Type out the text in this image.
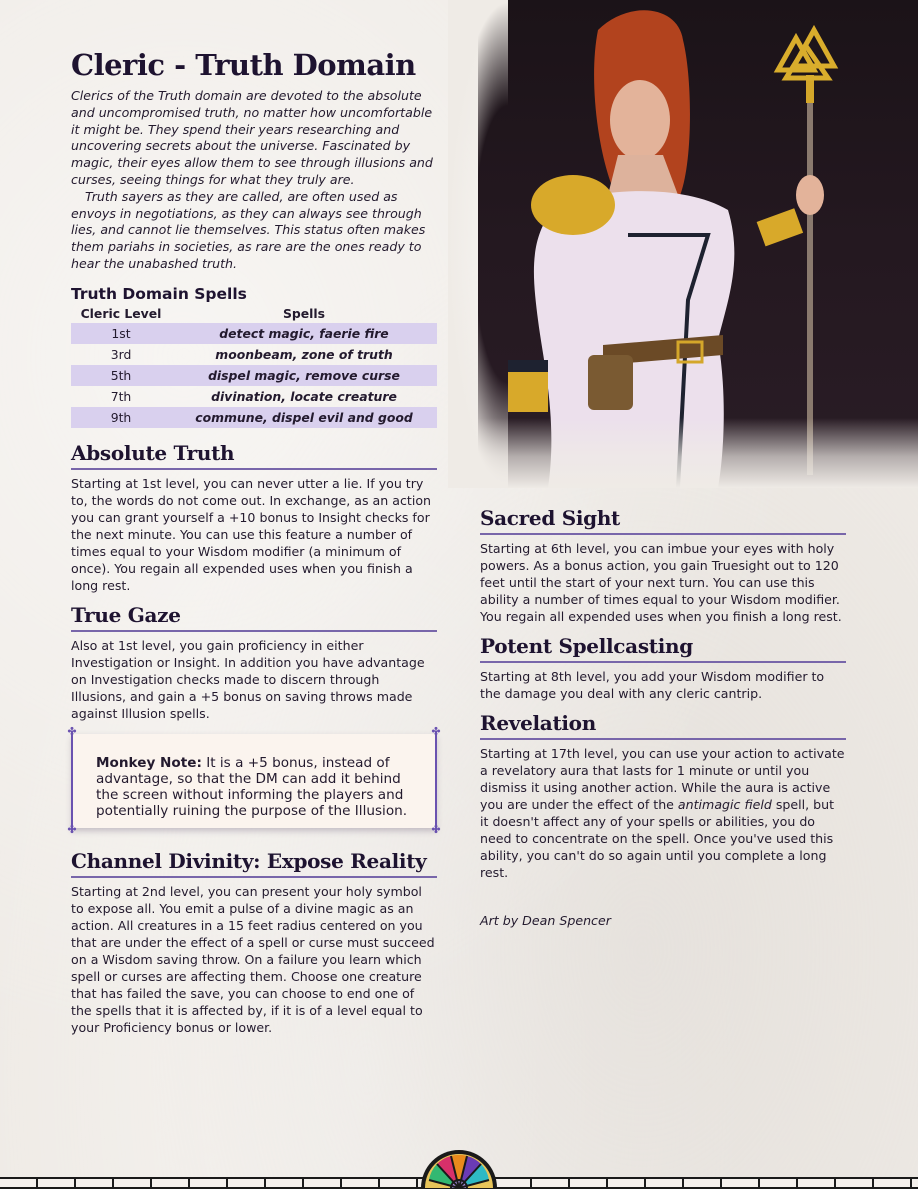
Cleric - Truth Domain

Clerics of the Truth domain are devoted to the absolute and uncompromised truth, no matter how uncomfortable it might be. They spend their years researching and uncovering secrets about the universe. Fascinated by magic, their eyes allow them to see through illusions and curses, seeing things for what they truly are.

Truth sayers as they are called, are often used as envoys in negotiations, as they can always see through lies, and cannot lie themselves. This status often makes them pariahs in societies, as rare are the ones ready to hear the unabashed truth.

Truth Domain Spells
Cleric Level	Spells
1st	detect magic, faerie fire
3rd	moonbeam, zone of truth
5th	dispel magic, remove curse
7th	divination, locate creature
9th	commune, dispel evil and good
Absolute Truth

Starting at 1st level, you can never utter a lie. If you try to, the words do not come out. In exchange, as an action you can grant yourself a +10 bonus to Insight checks for the next minute. You can use this feature a number of times equal to your Wisdom modifier (a minimum of once). You regain all expended uses when you finish a long rest.

True Gaze

Also at 1st level, you gain proficiency in either Investigation or Insight. In addition you have advantage on Investigation checks made to discern through Illusions, and gain a +5 bonus on saving throws made against Illusion spells.

Monkey Note: It is a +5 bonus, instead of advantage, so that the DM can add it behind the screen without informing the players and potentially ruining the purpose of the Illusion.
✤
✤
✤
✤
Channel Divinity: Expose Reality

Starting at 2nd level, you can present your holy symbol to expose all. You emit a pulse of a divine magic as an action. All creatures in a 15 feet radius centered on you that are under the effect of a spell or curse must succeed on a Wisdom saving throw. On a failure you learn which spell or curses are affecting them. Choose one creature that has failed the save, you can choose to end one of the spells that it is affected by, if it is of a level equal to your Proficiency bonus or lower.

Sacred Sight

Starting at 6th level, you can imbue your eyes with holy powers. As a bonus action, you gain Truesight out to 120 feet until the start of your next turn. You can use this ability a number of times equal to your Wisdom modifier. You regain all expended uses when you finish a long rest.

Potent Spellcasting

Starting at 8th level, you add your Wisdom modifier to the damage you deal with any cleric cantrip.

Revelation

Starting at 17th level, you can use your action to activate a revelatory aura that lasts for 1 minute or until you dismiss it using another action. While the aura is active you are under the effect of the antimagic field spell, but it doesn't affect any of your spells or abilities, you do need to concentrate on the spell. Once you've used this ability, you can't do so again until you complete a long rest.

Art by Dean Spencer
